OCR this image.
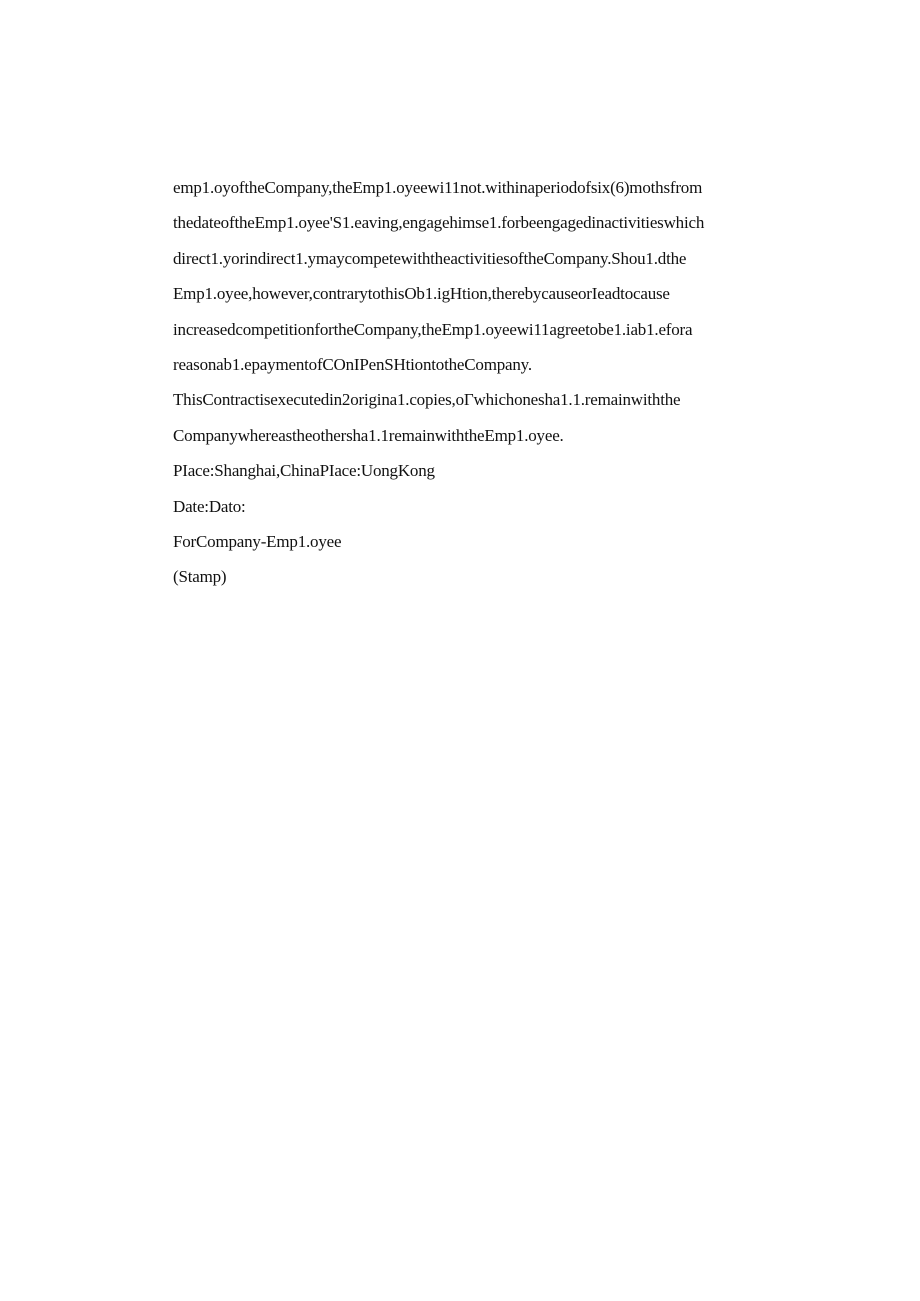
emp1.oyoftheCompany,theEmp1.oyeewi11not.withinaperiodofsix(6)mothsfrom
thedateoftheEmp1.oyee'S1.eaving,engagehimse1.forbeengagedinactivitieswhich
direct1.yorindirect1.ymaycompetewiththeactivitiesoftheCompany.Shou1.dthe
Emp1.oyee,however,contrarytothisOb1.igHtion,therebycauseorIeadtocause
increasedcompetitionfortheCompany,theEmp1.oyeewi11agreetobe1.iab1.efora
reasonab1.epaymentofCOnIPenSHtiontotheCompany.
ThisContractisexecutedin2origina1.copies,oΓwhichonesha1.1.remainwiththe
Companywhereastheothersha1.1remainwiththeEmp1.oyee.
PIace:Shanghai,ChinaPIace:UongKong
Date:Dato:
ForCompany-Emp1.oyee
(Stamp)
